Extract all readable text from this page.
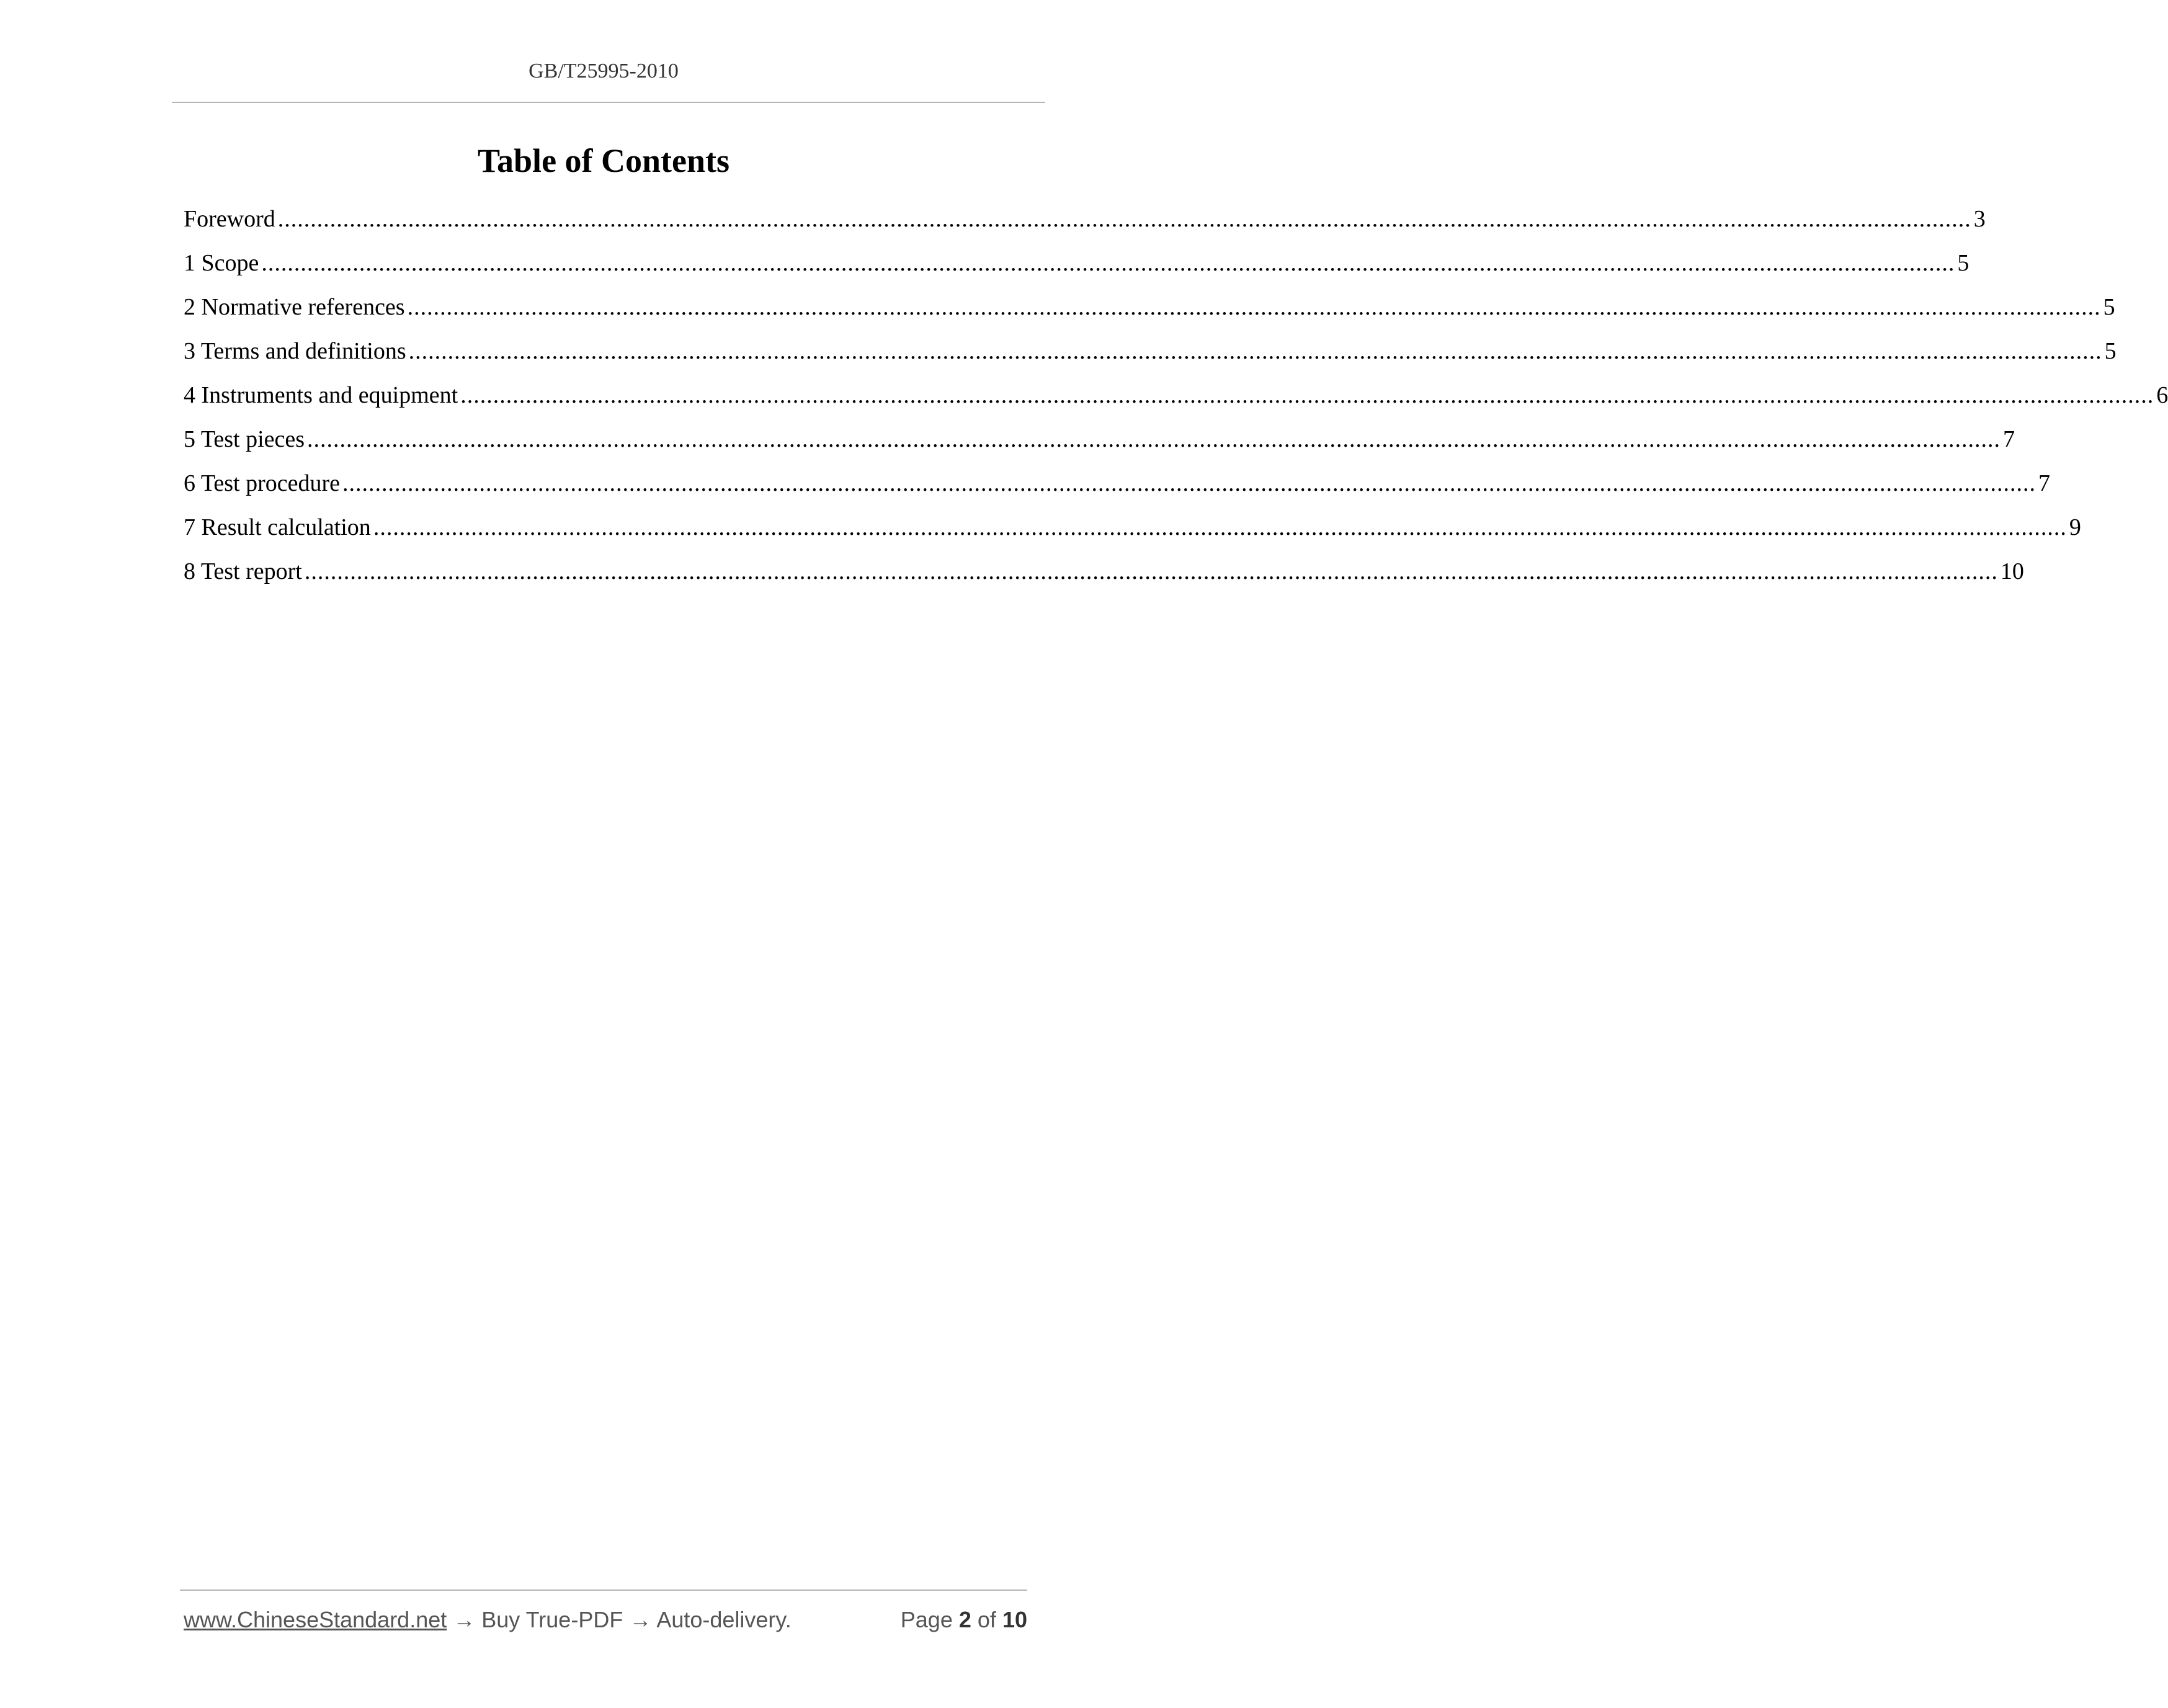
GB/T25995-2010
Table of Contents
Foreword .................................................................................................................................................................................................................................................................... 3
1 Scope .................................................................................................................................................................................................................................................................... 5
2 Normative references .................................................................................................................................................................................................................................................................... 5
3 Terms and definitions .................................................................................................................................................................................................................................................................... 5
4 Instruments and equipment .................................................................................................................................................................................................................................................................... 6
5 Test pieces .................................................................................................................................................................................................................................................................... 7
6 Test procedure .................................................................................................................................................................................................................................................................... 7
7 Result calculation .................................................................................................................................................................................................................................................................... 9
8 Test report .................................................................................................................................................................................................................................................................... 10
www.ChineseStandard.net → Buy True-PDF → Auto-delivery.	Page 2 of 10
